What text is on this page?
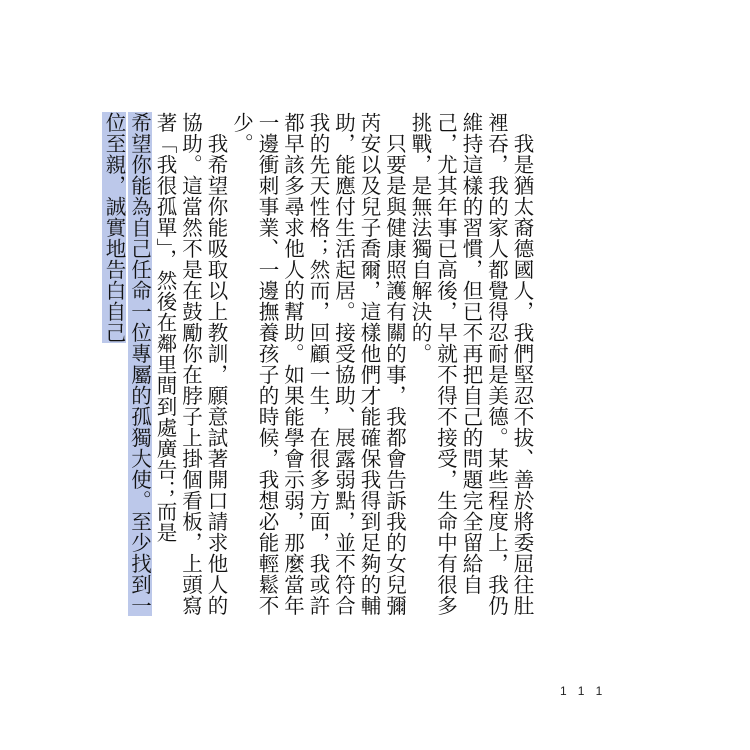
我是猶太裔德國人，我們堅忍不拔、善於將委屈往肚裡吞，我的家人都覺得忍耐是美德。某些程度上，我仍維持這樣的習慣，但已不再把自己的問題完全留給自己，尤其年事已高後，早就不得不接受，生命中有很多挑戰，是無法獨自解決的。

只要是與健康照護有關的事，我都會告訴我的女兒彌芮安以及兒子喬爾，這樣他們才能確保我得到足夠的輔助，能應付生活起居。接受協助、展露弱點，並不符合我的先天性格；然而，回顧一生，在很多方面，我或許都早該多尋求他人的幫助。如果能學會示弱，那麼當年一邊衝刺事業、一邊撫養孩子的時候，我想必能輕鬆不少。

我希望你能吸取以上教訓，願意試著開口請求他人的協助。這當然不是在鼓勵你在脖子上掛個看板，上頭寫著「我很孤單」，然後在鄰里間到處廣告；而是

希望你能為自己任命一位專屬的孤獨大使。至少找到一位至親，誠實地告白自己

111
